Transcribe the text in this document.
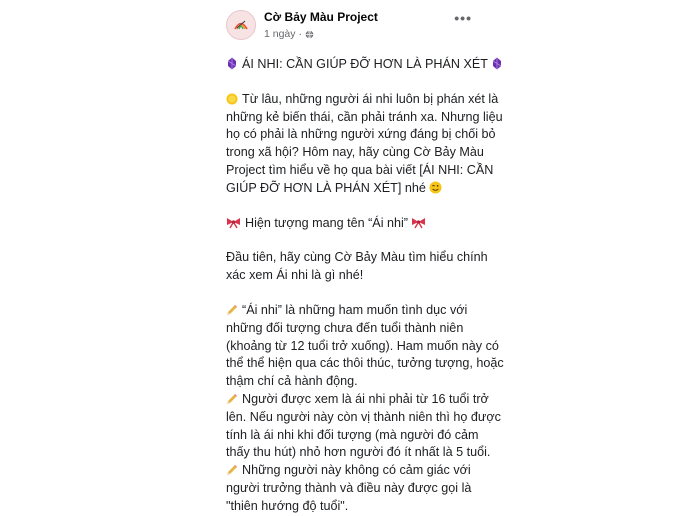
Cờ Bảy Màu Project
1 ngày ·
•••
ÁI NHI: CẦN GIÚP ĐỠ HƠN LÀ PHÁN XÉT
Từ lâu, những người ái nhi luôn bị phán xét là
những kẻ biến thái, cần phải tránh xa. Nhưng liệu
họ có phải là những người xứng đáng bị chối bỏ
trong xã hội? Hôm nay, hãy cùng Cờ Bảy Màu
Project tìm hiểu về họ qua bài viết [ÁI NHI: CẦN
GIÚP ĐỠ HƠN LÀ PHÁN XÉT] nhé
Hiện tượng mang tên “Ái nhi”
Đầu tiên, hãy cùng Cờ Bảy Màu tìm hiểu chính
xác xem Ái nhi là gì nhé!
“Ái nhi” là những ham muốn tình dục với
những đối tượng chưa đến tuổi thành niên
(khoảng từ 12 tuổi trở xuống). Ham muốn này có
thể thể hiện qua các thôi thúc, tưởng tượng, hoặc
thậm chí cả hành động.
Người được xem là ái nhi phải từ 16 tuổi trở
lên. Nếu người này còn vị thành niên thì họ được
tính là ái nhi khi đối tượng (mà người đó cảm
thấy thu hút) nhỏ hơn người đó ít nhất là 5 tuổi.
Những người này không có cảm giác với
người trưởng thành và điều này được gọi là
"thiên hướng độ tuổi".
